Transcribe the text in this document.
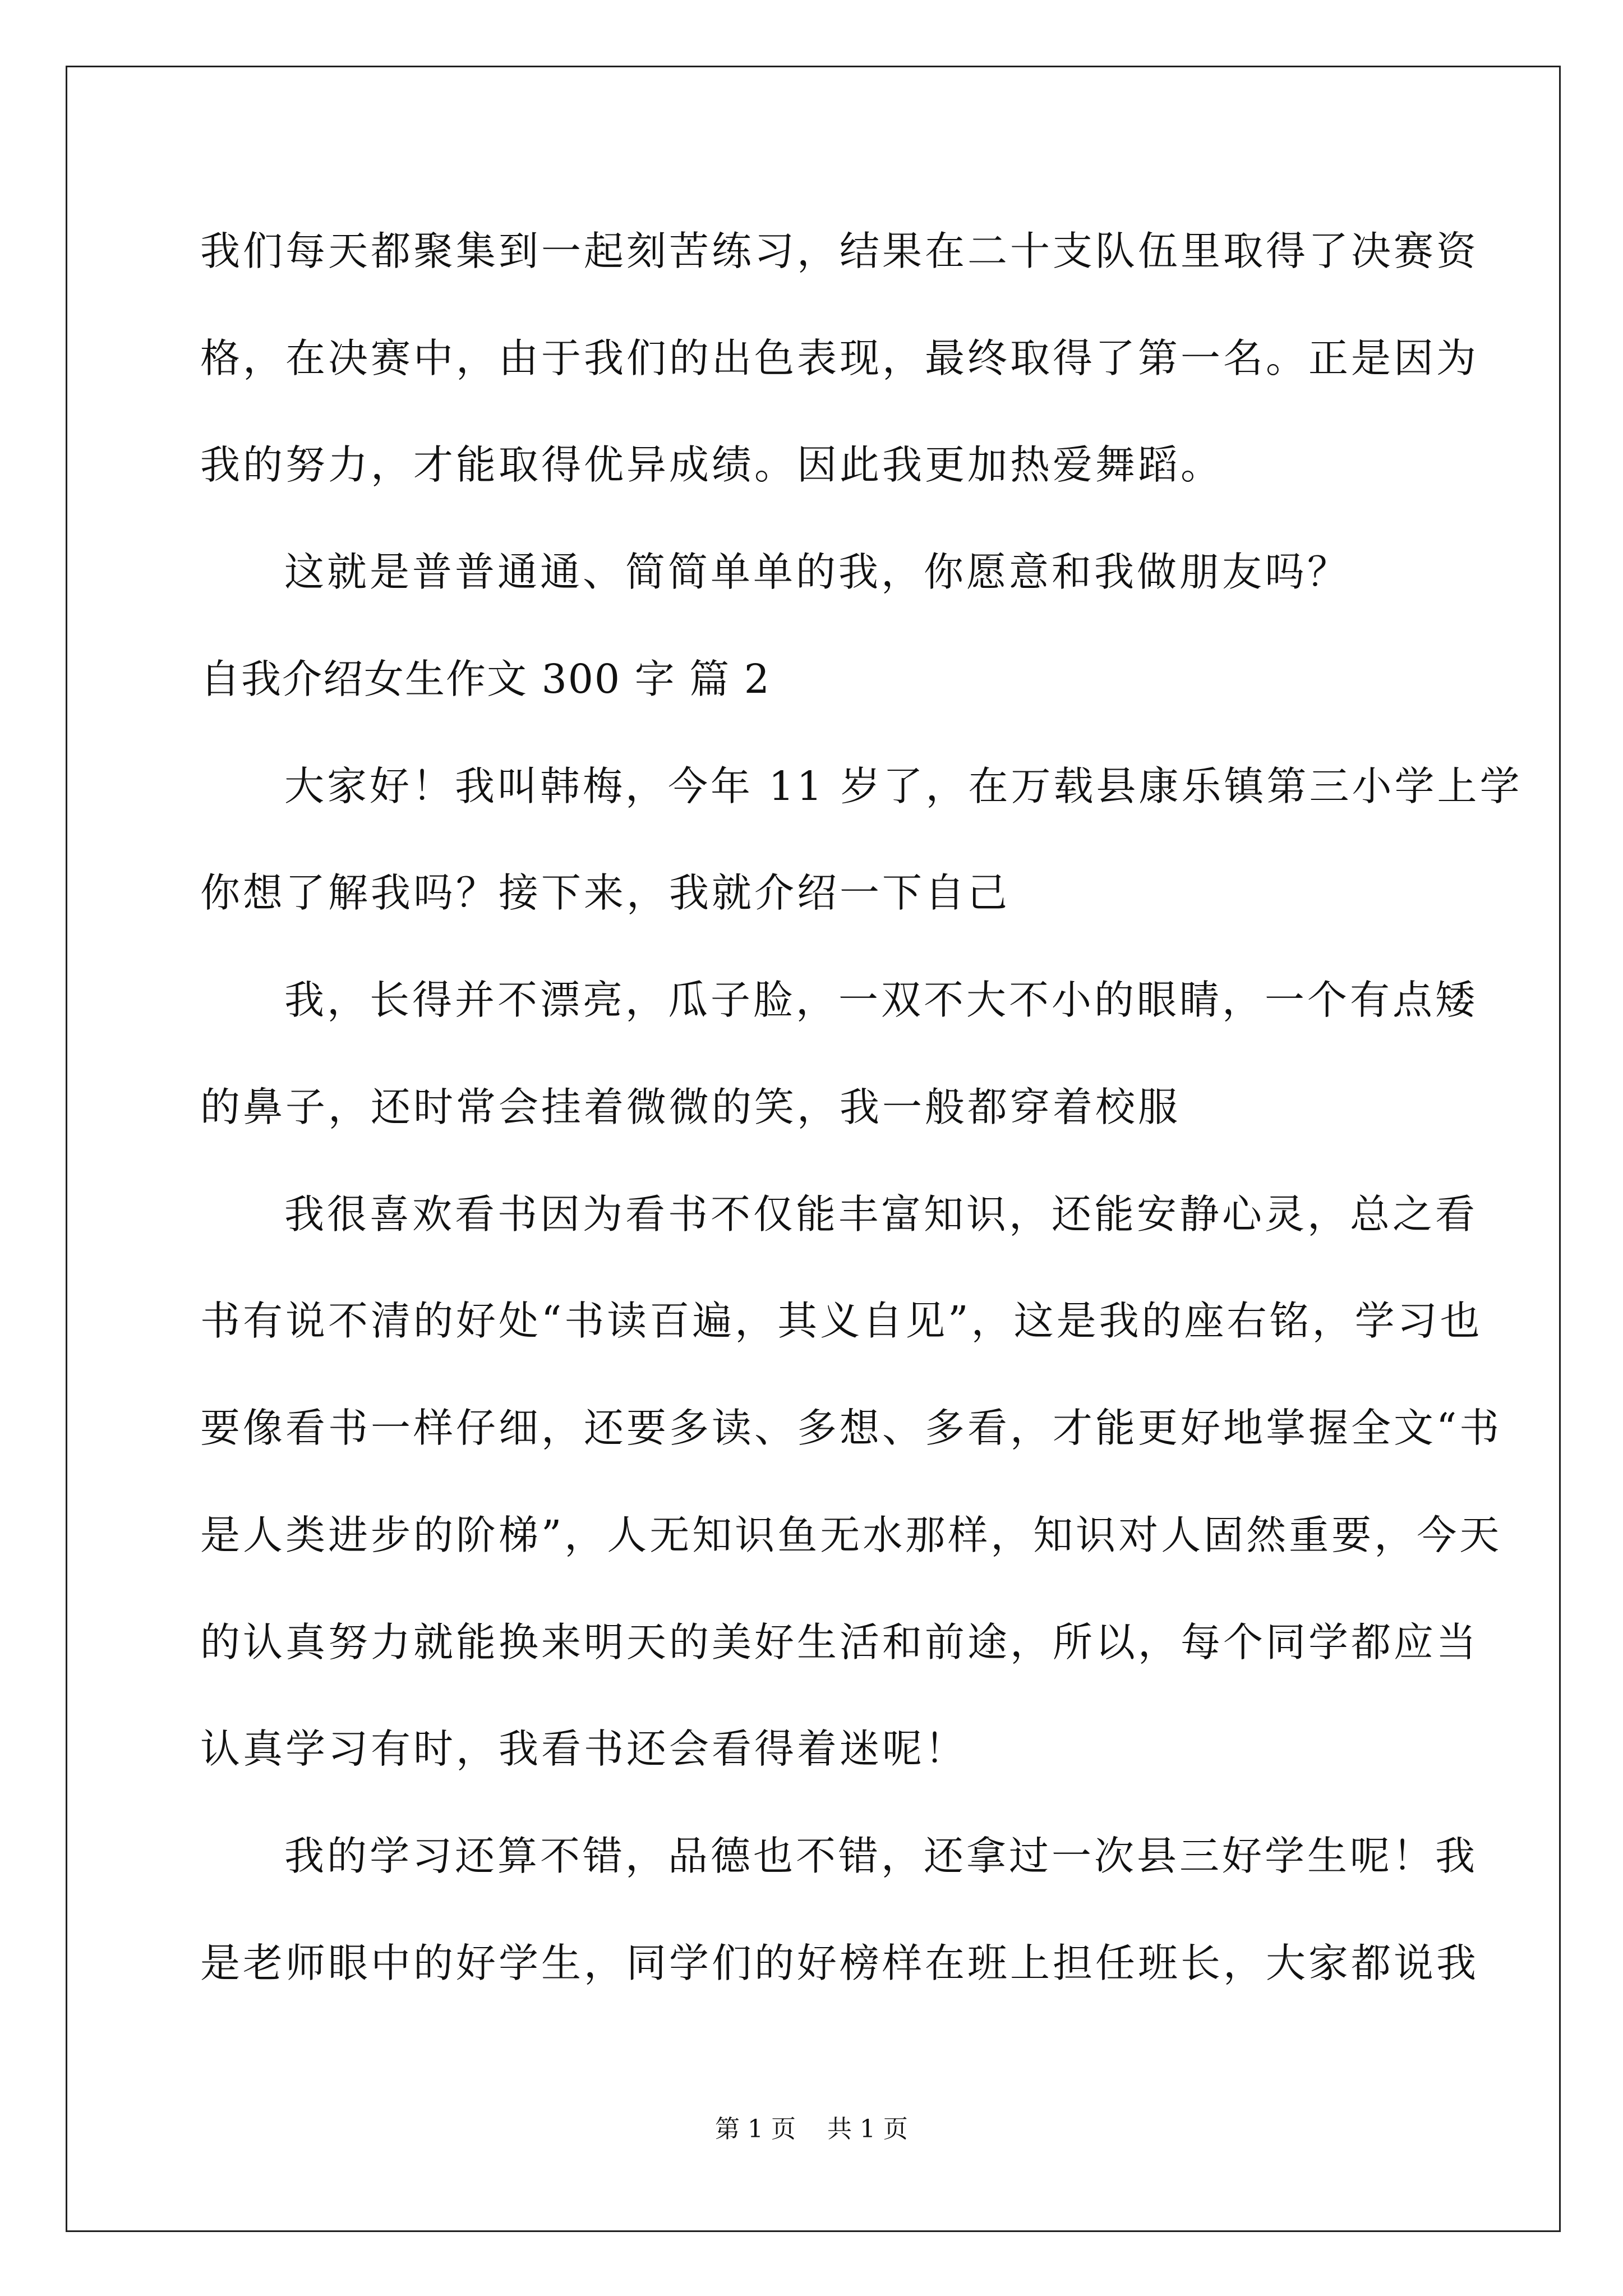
我们每天都聚集到一起刻苦练习，结果在二十支队伍里取得了决赛资
格，在决赛中，由于我们的出色表现，最终取得了第一名。正是因为
我的努力，才能取得优异成绩。因此我更加热爱舞蹈。
这就是普普通通、简简单单的我，你愿意和我做朋友吗？
自我介绍女生作文 300 字 篇 2
大家好！我叫韩梅，今年 11 岁了，在万载县康乐镇第三小学上学
你想了解我吗？接下来，我就介绍一下自己
我，长得并不漂亮，瓜子脸，一双不大不小的眼睛，一个有点矮
的鼻子，还时常会挂着微微的笑，我一般都穿着校服
我很喜欢看书因为看书不仅能丰富知识，还能安静心灵，总之看
书有说不清的好处“书读百遍，其义自见”，这是我的座右铭，学习也
要像看书一样仔细，还要多读、多想、多看，才能更好地掌握全文“书
是人类进步的阶梯”，人无知识鱼无水那样，知识对人固然重要，今天
的认真努力就能换来明天的美好生活和前途，所以，每个同学都应当
认真学习有时，我看书还会看得着迷呢！
我的学习还算不错，品德也不错，还拿过一次县三好学生呢！我
是老师眼中的好学生，同学们的好榜样在班上担任班长，大家都说我
第 1 页    共 1 页
